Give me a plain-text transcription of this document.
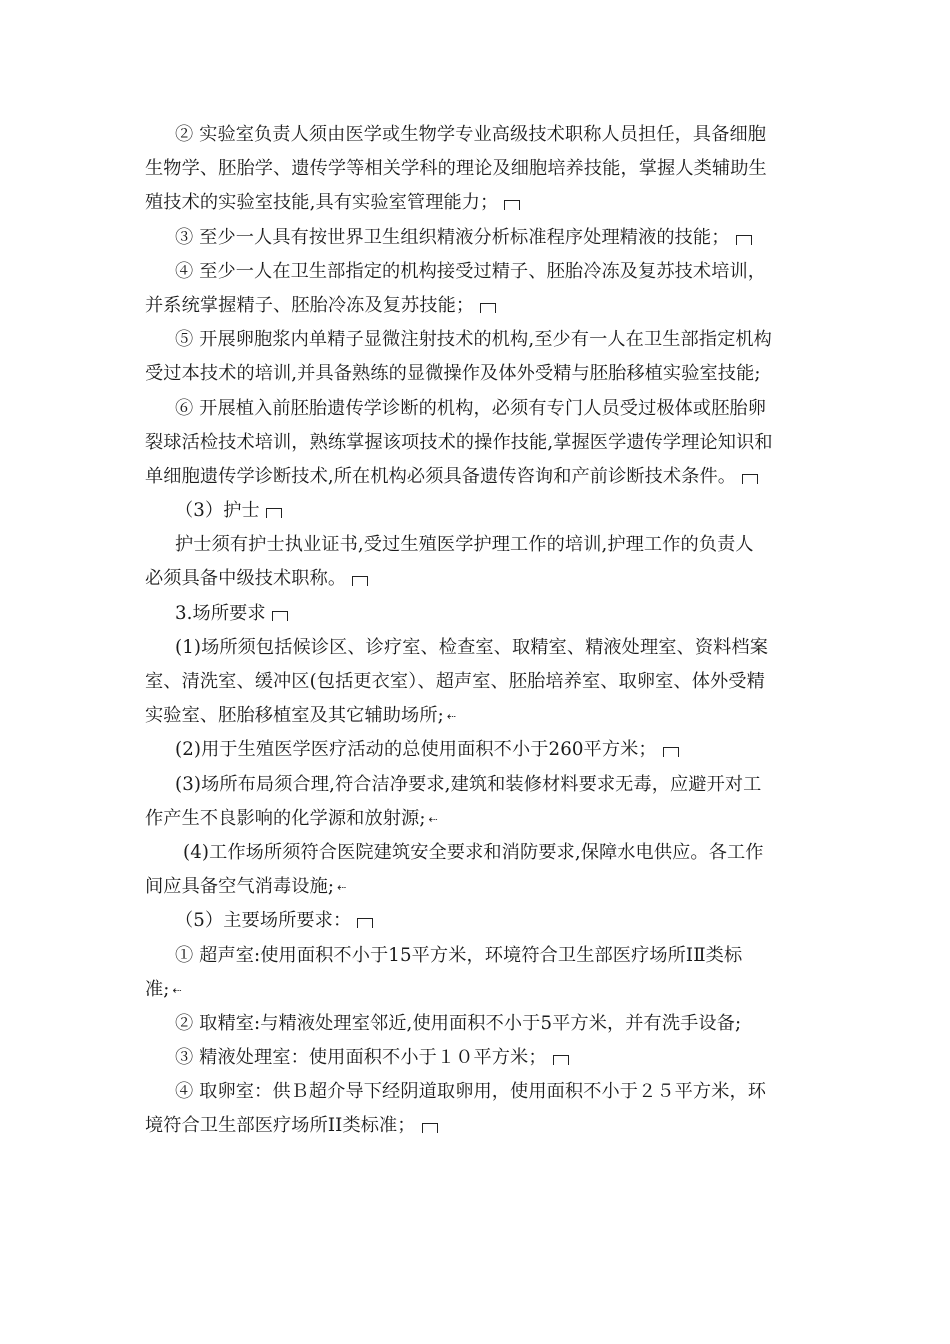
② 实验室负责人须由医学或生物学专业高级技术职称人员担任，具备细胞
生物学、胚胎学、遗传学等相关学科的理论及细胞培养技能，掌握人类辅助生
殖技术的实验室技能,具有实验室管理能力；
③ 至少一人具有按世界卫生组织精液分析标准程序处理精液的技能；
④ 至少一人在卫生部指定的机构接受过精子、胚胎冷冻及复苏技术培训，
并系统掌握精子、胚胎冷冻及复苏技能；
⑤ 开展卵胞浆内单精子显微注射技术的机构,至少有一人在卫生部指定机构
受过本技术的培训,并具备熟练的显微操作及体外受精与胚胎移植实验室技能;
⑥ 开展植入前胚胎遗传学诊断的机构，必须有专门人员受过极体或胚胎卵
裂球活检技术培训，熟练掌握该项技术的操作技能,掌握医学遗传学理论知识和
单细胞遗传学诊断技术,所在机构必须具备遗传咨询和产前诊断技术条件。
（3）护士
护士须有护士执业证书,受过生殖医学护理工作的培训,护理工作的负责人
必须具备中级技术职称。
3.场所要求
(1)场所须包括候诊区、诊疗室、检查室、取精室、精液处理室、资料档案
室、清洗室、缓冲区(包括更衣室）、超声室、胚胎培养室、取卵室、体外受精
实验室、胚胎移植室及其它辅助场所; ⇠
(2)用于生殖医学医疗活动的总使用面积不小于260平方米；
(3)场所布局须合理,符合洁净要求,建筑和装修材料要求无毒，应避开对工
作产生不良影响的化学源和放射源; ⇠
(4)工作场所须符合医院建筑安全要求和消防要求,保障水电供应。各工作
间应具备空气消毒设施; ⇠
（5）主要场所要求：
① 超声室:使用面积不小于15平方米，环境符合卫生部医疗场所ⅠⅡ类标
准; ⇠
② 取精室:与精液处理室邻近,使用面积不小于5平方米，并有洗手设备;
③ 精液处理室：使用面积不小于１０平方米；
④ 取卵室：供Ｂ超介导下经阴道取卵用，使用面积不小于２５平方米，环
境符合卫生部医疗场所ⅠⅠ类标准；
